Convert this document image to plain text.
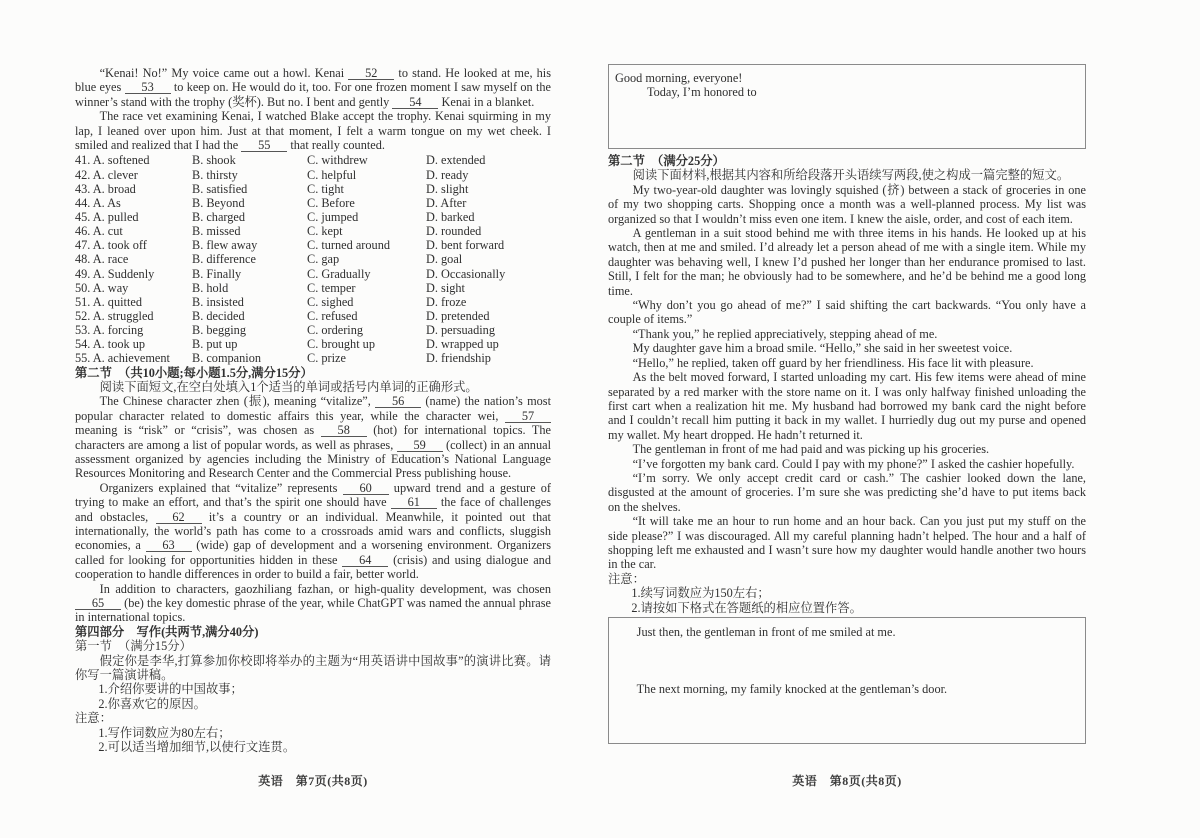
“Kenai! No!” My voice came out a howl. Kenai 52 to stand. He looked at me, his blue eyes 53 to keep on. He would do it, too. For one frozen moment I saw myself on the winner’s stand with the trophy (奖杯). But no. I bent and gently 54 Kenai in a blanket.

The race vet examining Kenai, I watched Blake accept the trophy. Kenai squirming in my lap, I leaned over upon him. Just at that moment, I felt a warm tongue on my wet cheek. I smiled and realized that I had the 55 that really counted.

41. A. softened	B. shook	C. withdrew	D. extended
42. A. clever	B. thirsty	C. helpful	D. ready
43. A. broad	B. satisfied	C. tight	D. slight
44. A. As	B. Beyond	C. Before	D. After
45. A. pulled	B. charged	C. jumped	D. barked
46. A. cut	B. missed	C. kept	D. rounded
47. A. took off	B. flew away	C. turned around	D. bent forward
48. A. race	B. difference	C. gap	D. goal
49. A. Suddenly	B. Finally	C. Gradually	D. Occasionally
50. A. way	B. hold	C. temper	D. sight
51. A. quitted	B. insisted	C. sighed	D. froze
52. A. struggled	B. decided	C. refused	D. pretended
53. A. forcing	B. begging	C. ordering	D. persuading
54. A. took up	B. put up	C. brought up	D. wrapped up
55. A. achievement	B. companion	C. prize	D. friendship

第二节　（共10小题;每小题1.5分,满分15分）

阅读下面短文,在空白处填入1个适当的单词或括号内单词的正确形式。

The Chinese character zhen (振), meaning “vitalize”, 56 (name) the nation’s most popular character related to domestic affairs this year, while the character wei, 57 meaning is “risk” or “crisis”, was chosen as 58 (hot) for international topics. The characters are among a list of popular words, as well as phrases, 59 (collect) in an annual assessment organized by agencies including the Ministry of Education’s National Language Resources Monitoring and Research Center and the Commercial Press publishing house.

Organizers explained that “vitalize” represents 60 upward trend and a gesture of trying to make an effort, and that’s the spirit one should have 61 the face of challenges and obstacles, 62 it’s a country or an individual. Meanwhile, it pointed out that internationally, the world’s path has come to a crossroads amid wars and conflicts, sluggish economies, a 63 (wide) gap of development and a worsening environment. Organizers called for looking for opportunities hidden in these 64 (crisis) and using dialogue and cooperation to handle differences in order to build a fair, better world.

In addition to characters, gaozhiliang fazhan, or high-quality development, was chosen 65 (be) the key domestic phrase of the year, while ChatGPT was named the annual phrase in international topics.

第四部分　写作(共两节,满分40分)

第一节　（满分15分）

假定你是李华,打算参加你校即将举办的主题为“用英语讲中国故事”的演讲比赛。请你写一篇演讲稿。

1.介绍你要讲的中国故事；

2.你喜欢它的原因。

注意：

1.写作词数应为80左右；

2.可以适当增加细节,以使行文连贯。

英语　第7页(共8页)

Good morning, everyone!

Today, I’m honored to

第二节　（满分25分）

阅读下面材料,根据其内容和所给段落开头语续写两段,使之构成一篇完整的短文。

My two-year-old daughter was lovingly squished (挤) between a stack of groceries in one of my two shopping carts. Shopping once a month was a well-planned process. My list was organized so that I wouldn’t miss even one item. I knew the aisle, order, and cost of each item.

A gentleman in a suit stood behind me with three items in his hands. He looked up at his watch, then at me and smiled. I’d already let a person ahead of me with a single item. While my daughter was behaving well, I knew I’d pushed her longer than her endurance promised to last. Still, I felt for the man; he obviously had to be somewhere, and he’d be behind me a good long time.

“Why don’t you go ahead of me?” I said shifting the cart backwards. “You only have a couple of items.”

“Thank you,” he replied appreciatively, stepping ahead of me.

My daughter gave him a broad smile. “Hello,” she said in her sweetest voice.

“Hello,” he replied, taken off guard by her friendliness. His face lit with pleasure.

As the belt moved forward, I started unloading my cart. His few items were ahead of mine separated by a red marker with the store name on it. I was only halfway finished unloading the first cart when a realization hit me. My husband had borrowed my bank card the night before and I couldn’t recall him putting it back in my wallet. I hurriedly dug out my purse and opened my wallet. My heart dropped. He hadn’t returned it.

The gentleman in front of me had paid and was picking up his groceries.

“I’ve forgotten my bank card. Could I pay with my phone?” I asked the cashier hopefully.

“I’m sorry. We only accept credit card or cash.” The cashier looked down the lane, disgusted at the amount of groceries. I’m sure she was predicting she’d have to put items back on the shelves.

“It will take me an hour to run home and an hour back. Can you just put my stuff on the side please?” I was discouraged. All my careful planning hadn’t helped. The hour and a half of shopping left me exhausted and I wasn’t sure how my daughter would handle another two hours in the car.

注意：

1.续写词数应为150左右；

2.请按如下格式在答题纸的相应位置作答。

Just then, the gentleman in front of me smiled at me.

The next morning, my family knocked at the gentleman’s door.

英语　第8页(共8页)
